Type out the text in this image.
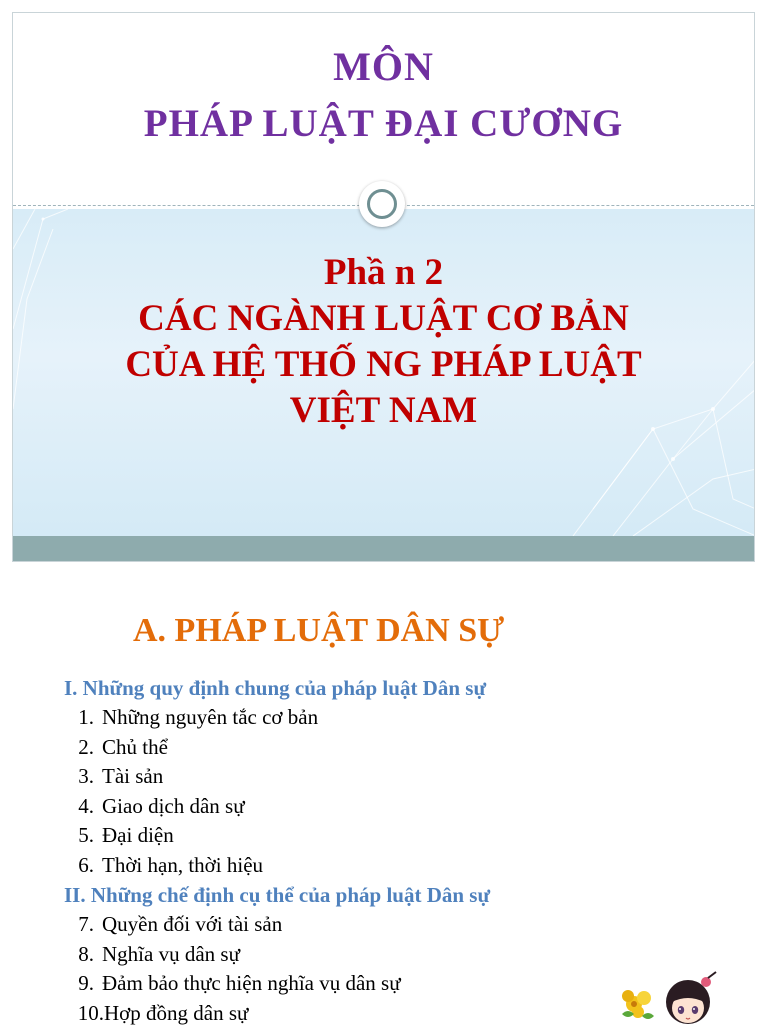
MÔN
PHÁP LUẬT ĐẠI CƯƠNG
Phầ n 2
CÁC NGÀNH LUẬT CƠ BẢN
CỦA HỆ THỐ NG PHÁP LUẬT
VIỆT NAM
A. PHÁP LUẬT DÂN SỰ
I. Những quy định chung của pháp luật Dân sự
1. Những nguyên tắc cơ bản
2. Chủ thể
3. Tài sản
4. Giao dịch dân sự
5. Đại diện
6. Thời hạn, thời hiệu
II. Những chế định cụ thể của pháp luật Dân sự
7. Quyền đối với tài sản
8. Nghĩa vụ dân sự
9. Đảm bảo thực hiện nghĩa vụ dân sự
10.Hợp đồng dân sự
